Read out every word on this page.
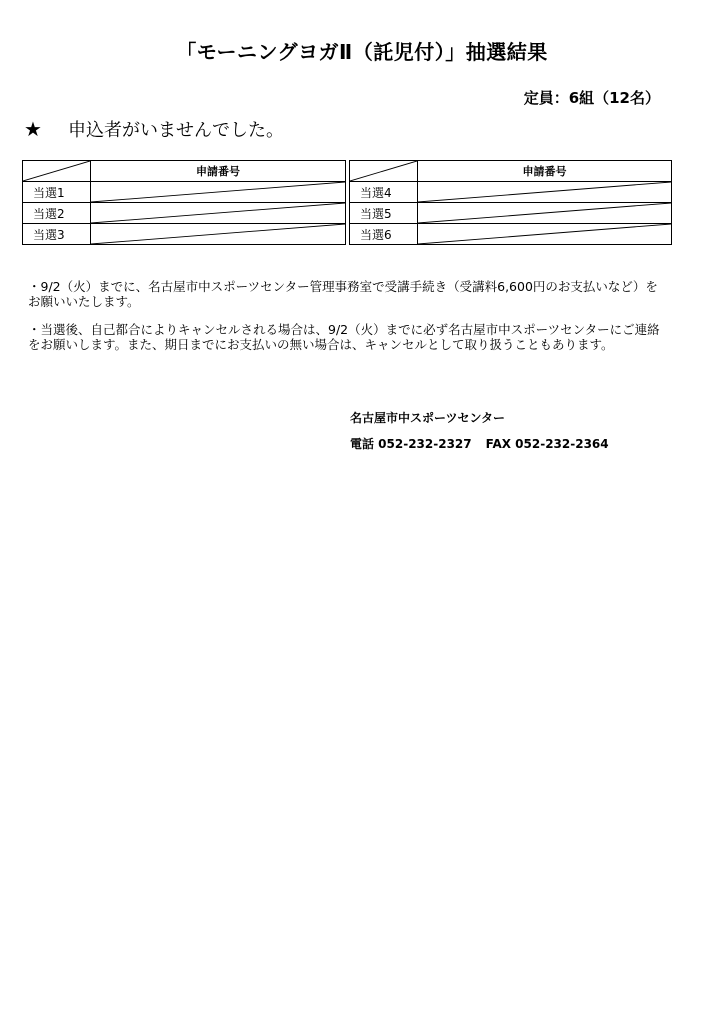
「モーニングヨガⅡ（託児付）」抽選結果
定員：6組（12名）
★ 申込者がいませんでした。
	申請番号			申請番号
当選1			当選4	

当選2			当選5	

当選3			当選6	

・9/2（火）までに、名古屋市中スポーツセンター管理事務室で受講手続き（受講料6,600円のお支払いなど）をお願いいたします。

・当選後、自己都合によりキャンセルされる場合は、9/2（火）までに必ず名古屋市中スポーツセンターにご連絡をお願いします。また、期日までにお支払いの無い場合は、キャンセルとして取り扱うこともあります。

名古屋市中スポーツセンター
電話 052-232-2327 FAX 052-232-2364
